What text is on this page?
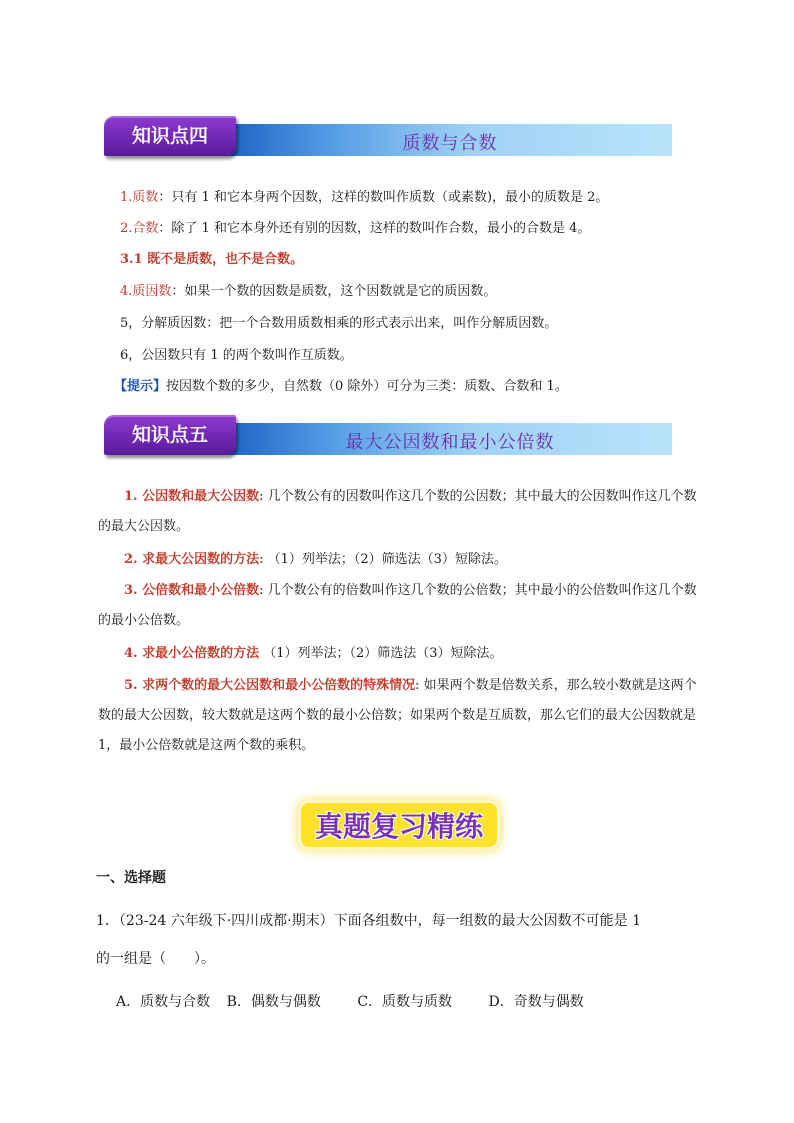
质数与合数
知识点四
1.质数：只有 1 和它本身两个因数，这样的数叫作质数（或素数)，最小的质数是 2。
2.合数：除了 1 和它本身外还有别的因数，这样的数叫作合数，最小的合数是 4。
3.1 既不是质数，也不是合数。
4.质因数：如果一个数的因数是质数，这个因数就是它的质因数。
5，分解质因数：把一个合数用质数相乘的形式表示出来，叫作分解质因数。
6，公因数只有 1 的两个数叫作互质数。
【提示】按因数个数的多少，自然数（0 除外）可分为三类：质数、合数和 1。
最大公因数和最小公倍数
知识点五
1. 公因数和最大公因数: 几个数公有的因数叫作这几个数的公因数；其中最大的公因数叫作这几个数的最大公因数。
2. 求最大公因数的方法: （1）列举法；（2）筛选法（3）短除法。
3. 公倍数和最小公倍数: 几个数公有的倍数叫作这几个数的公倍数；其中最小的公倍数叫作这几个数的最小公倍数。
4. 求最小公倍数的方法 （1）列举法；（2）筛选法（3）短除法。
5. 求两个数的最大公因数和最小公倍数的特殊情况: 如果两个数是倍数关系，那么较小数就是这两个数的最大公因数，较大数就是这两个数的最小公倍数；如果两个数是互质数，那么它们的最大公因数就是 1，最小公倍数就是这两个数的乘积。
真题复习精练
一、选择题
1．（23-24 六年级下·四川成都·期末）下面各组数中，每一组数的最大公因数不可能是 1
的一组是（　　）。
A．质数与合数 B．偶数与偶数	C．质数与质数	D．奇数与偶数
